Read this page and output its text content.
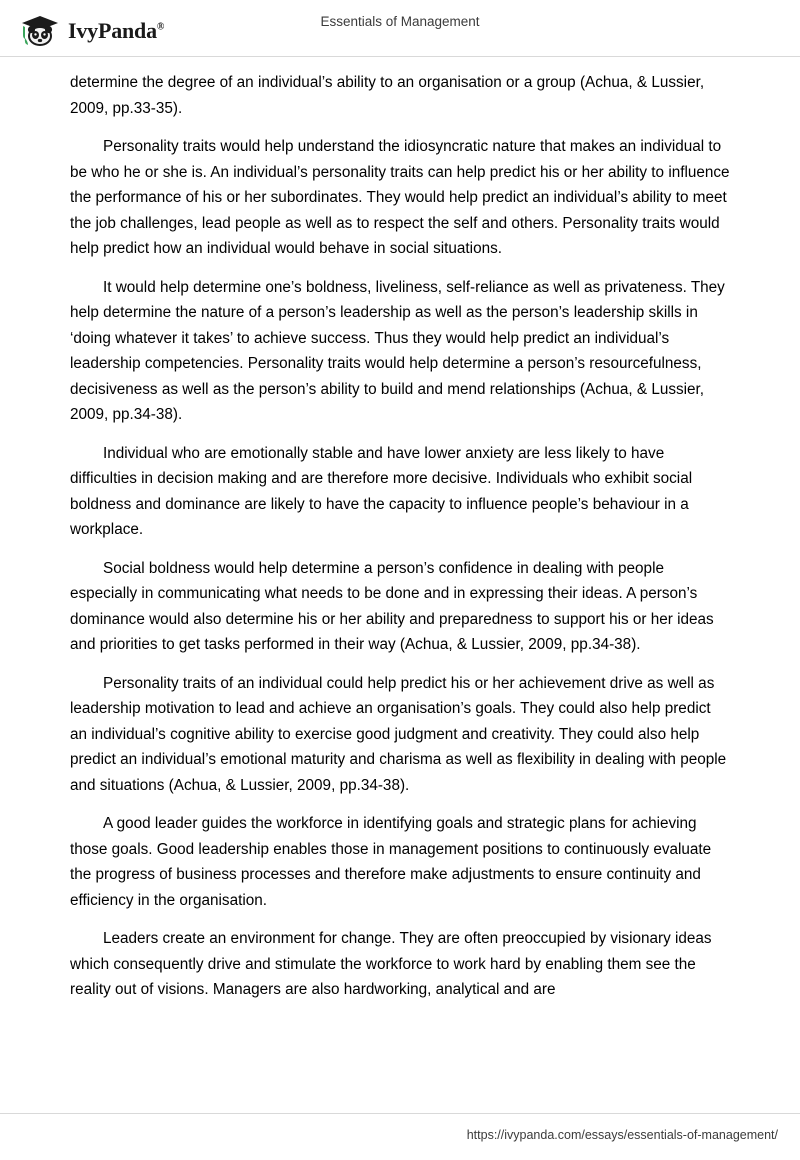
IvyPanda®	Essentials of Management

determine the degree of an individual’s ability to an organisation or a group (Achua, & Lussier, 2009, pp.33-35).

Personality traits would help understand the idiosyncratic nature that makes an individual to be who he or she is. An individual’s personality traits can help predict his or her ability to influence the performance of his or her subordinates. They would help predict an individual’s ability to meet the job challenges, lead people as well as to respect the self and others. Personality traits would help predict how an individual would behave in social situations.

It would help determine one’s boldness, liveliness, self-reliance as well as privateness. They help determine the nature of a person’s leadership as well as the person’s leadership skills in ‘doing whatever it takes’ to achieve success. Thus they would help predict an individual’s leadership competencies. Personality traits would help determine a person’s resourcefulness, decisiveness as well as the person’s ability to build and mend relationships (Achua, & Lussier, 2009, pp.34-38).

Individual who are emotionally stable and have lower anxiety are less likely to have difficulties in decision making and are therefore more decisive. Individuals who exhibit social boldness and dominance are likely to have the capacity to influence people’s behaviour in a workplace.

Social boldness would help determine a person’s confidence in dealing with people especially in communicating what needs to be done and in expressing their ideas. A person’s dominance would also determine his or her ability and preparedness to support his or her ideas and priorities to get tasks performed in their way (Achua, & Lussier, 2009, pp.34-38).

Personality traits of an individual could help predict his or her achievement drive as well as leadership motivation to lead and achieve an organisation’s goals. They could also help predict an individual’s cognitive ability to exercise good judgment and creativity. They could also help predict an individual’s emotional maturity and charisma as well as flexibility in dealing with people and situations (Achua, & Lussier, 2009, pp.34-38).

A good leader guides the workforce in identifying goals and strategic plans for achieving those goals. Good leadership enables those in management positions to continuously evaluate the progress of business processes and therefore make adjustments to ensure continuity and efficiency in the organisation.

Leaders create an environment for change. They are often preoccupied by visionary ideas which consequently drive and stimulate the workforce to work hard by enabling them see the reality out of visions. Managers are also hardworking, analytical and are

https://ivypanda.com/essays/essentials-of-management/
